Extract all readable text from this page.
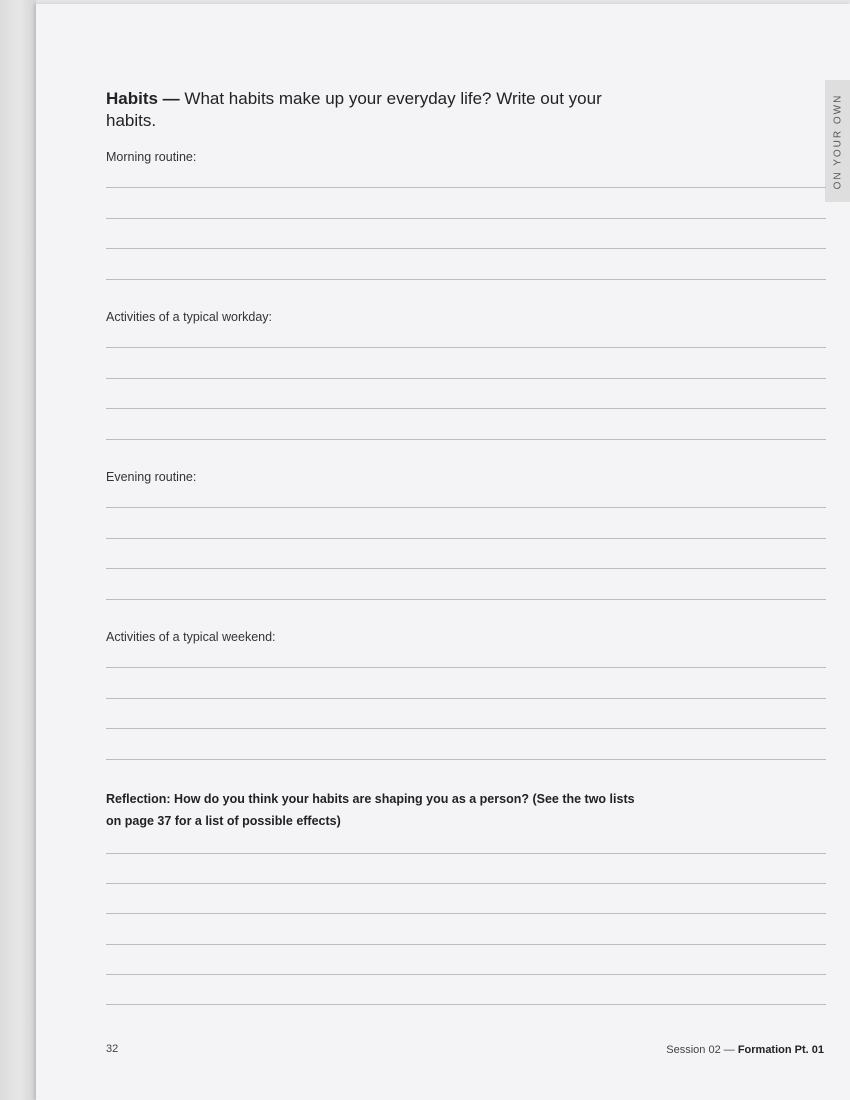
ON YOUR OWN
Habits — What habits make up your everyday life? Write out your habits.
Morning routine:
Activities of a typical workday:
Evening routine:
Activities of a typical weekend:
Reflection: How do you think your habits are shaping you as a person? (See the two lists on page 37 for a list of possible effects)
32	Session 02 — Formation Pt. 01
